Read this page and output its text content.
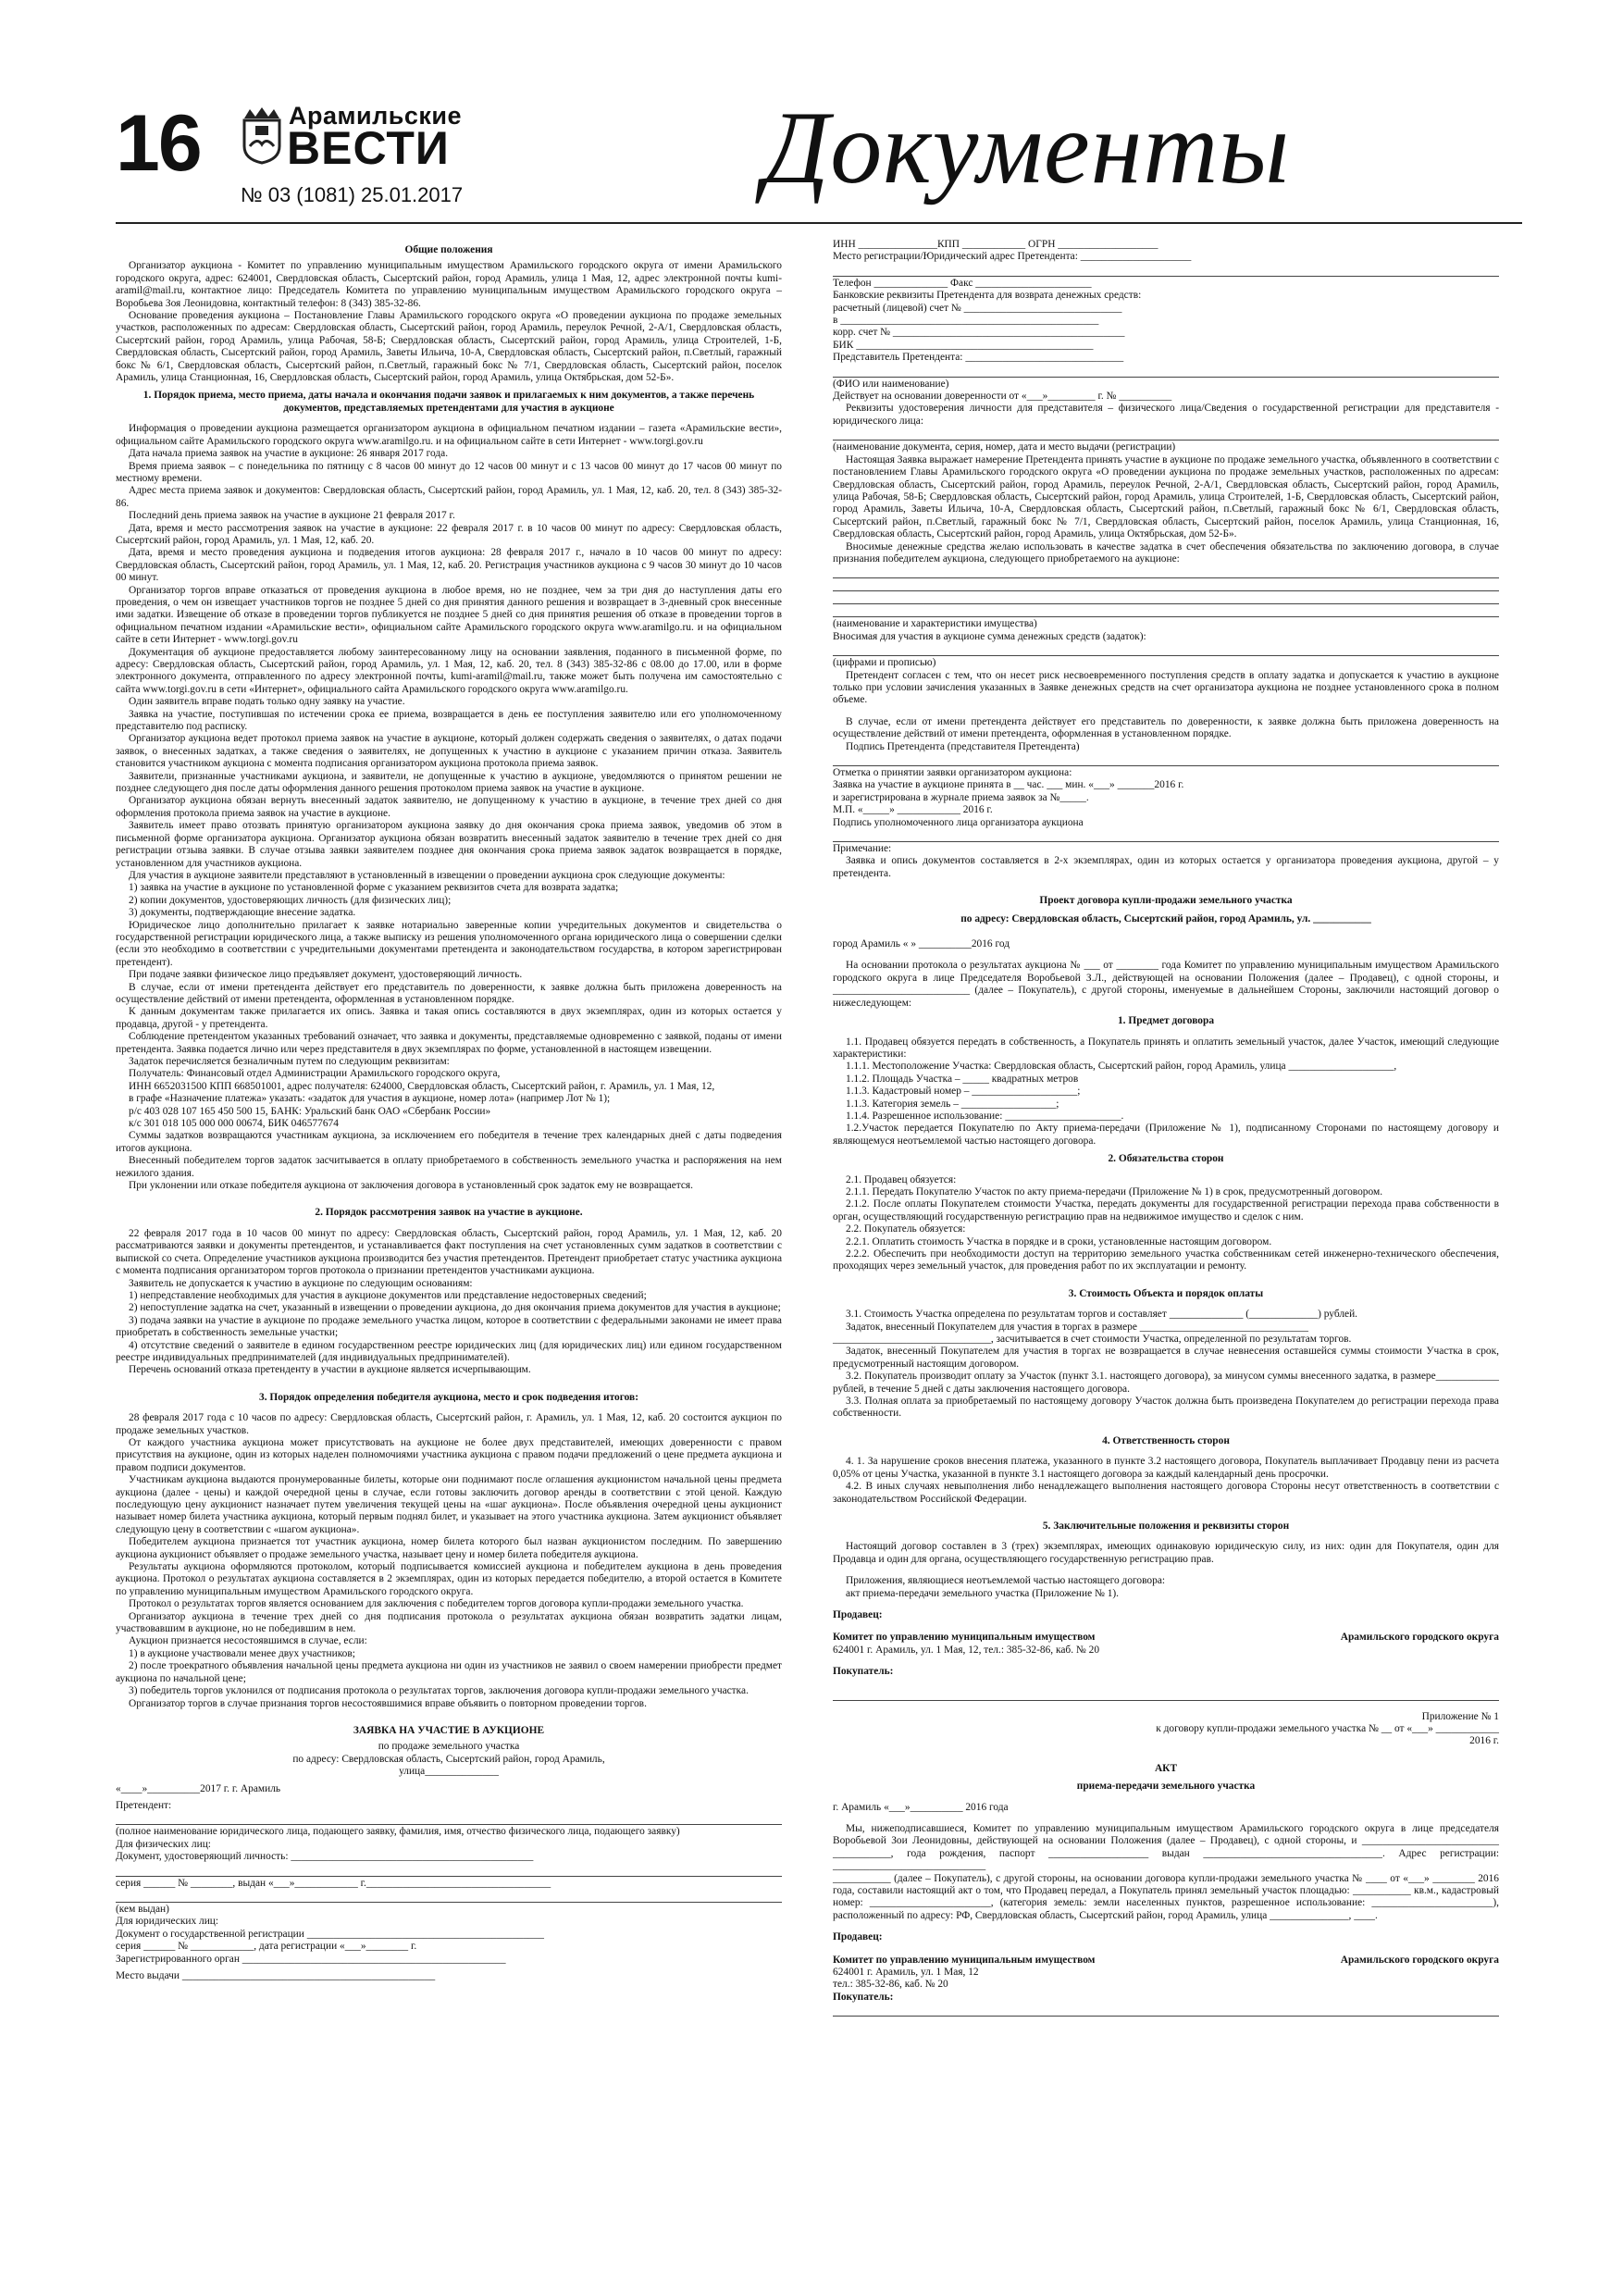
16	Арамильские
ВЕСТИ
№ 03 (1081) 25.01.2017	Документы

Общие положения

Организатор аукциона - Комитет по управлению муниципальным имуществом Арамильского городского округа от имени Арамильского городского округа, адрес: 624001, Свердловская область, Сысертский район, город Арамиль, улица 1 Мая, 12, адрес электронной почты kumi-aramil@mail.ru, контактное лицо: Председатель Комитета по управлению муниципальным имуществом Арамильского городского округа – Воробьева Зоя Леонидовна, контактный телефон: 8 (343) 385-32-86.

Основание проведения аукциона – Постановление Главы Арамильского городского округа «О проведении аукциона по продаже земельных участков, расположенных по адресам: Свердловская область, Сысертский район, город Арамиль, переулок Речной, 2-А/1, Свердловская область, Сысертский район, город Арамиль, улица Рабочая, 58-Б; Свердловская область, Сысертский район, город Арамиль, улица Строителей, 1-Б, Свердловская область, Сысертский район, город Арамиль, Заветы Ильича, 10-А, Свердловская область, Сысертский район, п.Светлый, гаражный бокс № 6/1, Свердловская область, Сысертский район, п.Светлый, гаражный бокс № 7/1, Свердловская область, Сысертский район, поселок Арамиль, улица Станционная, 16, Свердловская область, Сысертский район, город Арамиль, улица Октябрьская, дом 52-Б».

1. Порядок приема, место приема, даты начала и окончания подачи заявок и прилагаемых к ним документов, а также перечень документов, представляемых претендентами для участия в аукционе

Информация о проведении аукциона размещается организатором аукциона в официальном печатном издании – газета «Арамильские вести», официальном сайте Арамильского городского округа www.aramilgo.ru. и на официальном сайте в сети Интернет - www.torgi.gov.ru

Дата начала приема заявок на участие в аукционе: 26 января 2017 года.

Время приема заявок – с понедельника по пятницу с 8 часов 00 минут до 12 часов 00 минут и с 13 часов 00 минут до 17 часов 00 минут по местному времени.

Адрес места приема заявок и документов: Свердловская область, Сысертский район, город Арамиль, ул. 1 Мая, 12, каб. 20, тел. 8 (343) 385-32-86.

Последний день приема заявок на участие в аукционе 21 февраля 2017 г.

Дата, время и место рассмотрения заявок на участие в аукционе: 22 февраля 2017 г. в 10 часов 00 минут по адресу: Свердловская область, Сысертский район, город Арамиль, ул. 1 Мая, 12, каб. 20.

Дата, время и место проведения аукциона и подведения итогов аукциона: 28 февраля 2017 г., начало в 10 часов 00 минут по адресу: Свердловская область, Сысертский район, город Арамиль, ул. 1 Мая, 12, каб. 20. Регистрация участников аукциона с 9 часов 30 минут до 10 часов 00 минут.

Организатор торгов вправе отказаться от проведения аукциона в любое время, но не позднее, чем за три дня до наступления даты его проведения, о чем он извещает участников торгов не позднее 5 дней со дня принятия данного решения и возвращает в 3-дневный срок внесенные ими задатки. Извещение об отказе в проведении торгов публикуется не позднее 5 дней со дня принятия решения об отказе в проведении торгов в официальном печатном издании «Арамильские вести», официальном сайте Арамильского городского округа www.aramilgo.ru. и на официальном сайте в сети Интернет - www.torgi.gov.ru

Документация об аукционе предоставляется любому заинтересованному лицу на основании заявления, поданного в письменной форме, по адресу: Свердловская область, Сысертский район, город Арамиль, ул. 1 Мая, 12, каб. 20, тел. 8 (343) 385-32-86 с 08.00 до 17.00, или в форме электронного документа, отправленного по адресу электронной почты, kumi-aramil@mail.ru, также может быть получена им самостоятельно с сайта www.torgi.gov.ru в сети «Интернет», официального сайта Арамильского городского округа www.aramilgo.ru.

Один заявитель вправе подать только одну заявку на участие.

Заявка на участие, поступившая по истечении срока ее приема, возвращается в день ее поступления заявителю или его уполномоченному представителю под расписку.

Организатор аукциона ведет протокол приема заявок на участие в аукционе, который должен содержать сведения о заявителях, о датах подачи заявок, о внесенных задатках, а также сведения о заявителях, не допущенных к участию в аукционе с указанием причин отказа. Заявитель становится участником аукциона с момента подписания организатором аукциона протокола приема заявок.

Заявители, признанные участниками аукциона, и заявители, не допущенные к участию в аукционе, уведомляются о принятом решении не позднее следующего дня после даты оформления данного решения протоколом приема заявок на участие в аукционе.

Организатор аукциона обязан вернуть внесенный задаток заявителю, не допущенному к участию в аукционе, в течение трех дней со дня оформления протокола приема заявок на участие в аукционе.

Заявитель имеет право отозвать принятую организатором аукциона заявку до дня окончания срока приема заявок, уведомив об этом в письменной форме организатора аукциона. Организатор аукциона обязан возвратить внесенный задаток заявителю в течение трех дней со дня регистрации отзыва заявки. В случае отзыва заявки заявителем позднее дня окончания срока приема заявок задаток возвращается в порядке, установленном для участников аукциона.

Для участия в аукционе заявители представляют в установленный в извещении о проведении аукциона срок следующие документы:

1) заявка на участие в аукционе по установленной форме с указанием реквизитов счета для возврата задатка;

2) копии документов, удостоверяющих личность (для физических лиц);

3) документы, подтверждающие внесение задатка.

Юридическое лицо дополнительно прилагает к заявке нотариально заверенные копии учредительных документов и свидетельства о государственной регистрации юридического лица, а также выписку из решения уполномоченного органа юридического лица о совершении сделки (если это необходимо в соответствии с учредительными документами претендента и законодательством государства, в котором зарегистрирован претендент).

При подаче заявки физическое лицо предъявляет документ, удостоверяющий личность.

В случае, если от имени претендента действует его представитель по доверенности, к заявке должна быть приложена доверенность на осуществление действий от имени претендента, оформленная в установленном порядке.

К данным документам также прилагается их опись. Заявка и такая опись составляются в двух экземплярах, один из которых остается у продавца, другой - у претендента.

Соблюдение претендентом указанных требований означает, что заявка и документы, представляемые одновременно с заявкой, поданы от имени претендента. Заявка подается лично или через представителя в двух экземплярах по форме, установленной в настоящем извещении.

Задаток перечисляется безналичным путем по следующим реквизитам:

Получатель: Финансовый отдел Администрации Арамильского городского округа,

ИНН 6652031500 КПП 668501001, адрес получателя: 624000, Свердловская область, Сысертский район, г. Арамиль, ул. 1 Мая, 12,

в графе «Назначение платежа» указать: «задаток для участия в аукционе, номер лота» (например Лот № 1);

р/с 403 028 107 165 450 500 15, БАНК: Уральский банк ОАО «Сбербанк России»

к/с 301 018 105 000 000 00674, БИК 046577674

Суммы задатков возвращаются участникам аукциона, за исключением его победителя в течение трех календарных дней с даты подведения итогов аукциона.

Внесенный победителем торгов задаток засчитывается в оплату приобретаемого в собственность земельного участка и распоряжения на нем нежилого здания.

При уклонении или отказе победителя аукциона от заключения договора в установленный срок задаток ему не возвращается.

2. Порядок рассмотрения заявок на участие в аукционе.

22 февраля 2017 года в 10 часов 00 минут по адресу: Свердловская область, Сысертский район, город Арамиль, ул. 1 Мая, 12, каб. 20 рассматриваются заявки и документы претендентов, и устанавливается факт поступления на счет установленных сумм задатков в соответствии с выпиской со счета. Определение участников аукциона производится без участия претендентов. Претендент приобретает статус участника аукциона с момента подписания организатором торгов протокола о признании претендентов участниками аукциона.

Заявитель не допускается к участию в аукционе по следующим основаниям:

1) непредставление необходимых для участия в аукционе документов или представление недостоверных сведений;

2) непоступление задатка на счет, указанный в извещении о проведении аукциона, до дня окончания приема документов для участия в аукционе;

3) подача заявки на участие в аукционе по продаже земельного участка лицом, которое в соответствии с федеральными законами не имеет права приобретать в собственность земельные участки;

4) отсутствие сведений о заявителе в едином государственном реестре юридических лиц (для юридических лиц) или едином государственном реестре индивидуальных предпринимателей (для индивидуальных предпринимателей).

Перечень оснований отказа претенденту в участии в аукционе является исчерпывающим.

3. Порядок определения победителя аукциона, место и срок подведения итогов:

28 февраля 2017 года с 10 часов по адресу: Свердловская область, Сысертский район, г. Арамиль, ул. 1 Мая, 12, каб. 20 состоится аукцион по продаже земельных участков.

От каждого участника аукциона может присутствовать на аукционе не более двух представителей, имеющих доверенности с правом присутствия на аукционе, один из которых наделен полномочиями участника аукциона с правом подачи предложений о цене предмета аукциона и правом подписи документов.

Участникам аукциона выдаются пронумерованные билеты, которые они поднимают после оглашения аукционистом начальной цены предмета аукциона (далее - цены) и каждой очередной цены в случае, если готовы заключить договор аренды в соответствии с этой ценой. Каждую последующую цену аукционист назначает путем увеличения текущей цены на «шаг аукциона». После объявления очередной цены аукционист называет номер билета участника аукциона, который первым поднял билет, и указывает на этого участника аукциона. Затем аукционист объявляет следующую цену в соответствии с «шагом аукциона».

Победителем аукциона признается тот участник аукциона, номер билета которого был назван аукционистом последним. По завершению аукциона аукционист объявляет о продаже земельного участка, называет цену и номер билета победителя аукциона.

Результаты аукциона оформляются протоколом, который подписывается комиссией аукциона и победителем аукциона в день проведения аукциона. Протокол о результатах аукциона составляется в 2 экземплярах, один из которых передается победителю, а второй остается в Комитете по управлению муниципальным имуществом Арамильского городского округа.

Протокол о результатах торгов является основанием для заключения с победителем торгов договора купли-продажи земельного участка.

Организатор аукциона в течение трех дней со дня подписания протокола о результатах аукциона обязан возвратить задатки лицам, участвовавшим в аукционе, но не победившим в нем.

Аукцион признается несостоявшимся в случае, если:

1) в аукционе участвовали менее двух участников;

2) после троекратного объявления начальной цены предмета аукциона ни один из участников не заявил о своем намерении приобрести предмет аукциона по начальной цене;

3) победитель торгов уклонился от подписания протокола о результатах торгов, заключения договора купли-продажи земельного участка.

Организатор торгов в случае признания торгов несостоявшимися вправе объявить о повторном проведении торгов.

ЗАЯВКА НА УЧАСТИЕ В АУКЦИОНЕ

по продаже земельного участка

по адресу: Свердловская область, Сысертский район, город Арамиль,

улица______________

«____»__________2017 г. г. Арамиль

Претендент:

(полное наименование юридического лица, подающего заявку, фамилия, имя, отчество физического лица, подающего заявку)

Для физических лиц:

Документ, удостоверяющий личность: ______________________________________________

серия ______ № ________, выдан «___»____________ г.___________________________________

(кем выдан)

Для юридических лиц:

Документ о государственной регистрации _____________________________________________

серия ______ № ____________, дата регистрации «___»________ г.

Зарегистрированного орган __________________________________________________

Место выдачи ________________________________________________

ИНН _______________КПП ____________ ОГРН ___________________

Место регистрации/Юридический адрес Претендента: _____________________

Телефон ______________ Факс ______________________

Банковские реквизиты Претендента для возврата денежных средств:

расчетный (лицевой) счет № ______________________________

в _________________________________________________

корр. счет № ____________________________________________

БИК _____________________________________________

Представитель Претендента: ______________________________

(ФИО или наименование)

Действует на основании доверенности от «___»_________ г. № __________

Реквизиты удостоверения личности для представителя – физического лица/Сведения о государственной регистрации для представителя - юридического лица:

(наименование документа, серия, номер, дата и место выдачи (регистрации)

Настоящая Заявка выражает намерение Претендента принять участие в аукционе по продаже земельного участка, объявленного в соответствии с постановлением Главы Арамильского городского округа «О проведении аукциона по продаже земельных участков, расположенных по адресам: Свердловская область, Сысертский район, город Арамиль, переулок Речной, 2-А/1, Свердловская область, Сысертский район, город Арамиль, улица Рабочая, 58-Б; Свердловская область, Сысертский район, город Арамиль, улица Строителей, 1-Б, Свердловская область, Сысертский район, город Арамиль, Заветы Ильича, 10-А, Свердловская область, Сысертский район, п.Светлый, гаражный бокс № 6/1, Свердловская область, Сысертский район, п.Светлый, гаражный бокс № 7/1, Свердловская область, Сысертский район, поселок Арамиль, улица Станционная, 16, Свердловская область, Сысертский район, город Арамиль, улица Октябрьская, дом 52-Б».

Вносимые денежные средства желаю использовать в качестве задатка в счет обеспечения обязательства по заключению договора, в случае признания победителем аукциона, следующего приобретаемого на аукционе:

(наименование и характеристики имущества)

Вносимая для участия в аукционе сумма денежных средств (задаток):

(цифрами и прописью)

Претендент согласен с тем, что он несет риск несвоевременного поступления средств в оплату задатка и допускается к участию в аукционе только при условии зачисления указанных в Заявке денежных средств на счет организатора аукциона не позднее установленного срока в полном объеме.

В случае, если от имени претендента действует его представитель по доверенности, к заявке должна быть приложена доверенность на осуществление действий от имени претендента, оформленная в установленном порядке.

Подпись Претендента (представителя Претендента)

Отметка о принятии заявки организатором аукциона:

Заявка на участие в аукционе принята в __ час. ___ мин. «___» _______2016 г.

и зарегистрирована в журнале приема заявок за №_____.

М.П. «_____» ____________ 2016 г.

Подпись уполномоченного лица организатора аукциона

Примечание:

Заявка и опись документов составляется в 2-х экземплярах, один из которых остается у организатора проведения аукциона, другой – у претендента.

Проект договора купли-продажи земельного участка

по адресу: Свердловская область, Сысертский район, город Арамиль, ул. ___________

город Арамиль « » __________2016 год

На основании протокола о результатах аукциона № ___ от ________ года Комитет по управлению муниципальным имуществом Арамильского городского округа в лице Председателя Воробьевой З.Л., действующей на основании Положения (далее – Продавец), с одной стороны, и __________________________ (далее – Покупатель), с другой стороны, именуемые в дальнейшем Стороны, заключили настоящий договор о нижеследующем:

1. Предмет договора

1.1. Продавец обязуется передать в собственность, а Покупатель принять и оплатить земельный участок, далее Участок, имеющий следующие характеристики:

1.1.1. Местоположение Участка: Свердловская область, Сысертский район, город Арамиль, улица ____________________,

1.1.2. Площадь Участка – _____ квадратных метров

1.1.3. Кадастровый номер – ____________________;

1.1.3. Категория земель – __________________;

1.1.4. Разрешенное использование: ______________________.

1.2.Участок передается Покупателю по Акту приема-передачи (Приложение № 1), подписанному Сторонами по настоящему договору и являющемуся неотъемлемой частью настоящего договора.

2. Обязательства сторон

2.1. Продавец обязуется:

2.1.1. Передать Покупателю Участок по акту приема-передачи (Приложение № 1) в срок, предусмотренный договором.

2.1.2. После оплаты Покупателем стоимости Участка, передать документы для государственной регистрации перехода права собственности в орган, осуществляющий государственную регистрацию прав на недвижимое имущество и сделок с ним.

2.2. Покупатель обязуется:

2.2.1. Оплатить стоимость Участка в порядке и в сроки, установленные настоящим договором.

2.2.2. Обеспечить при необходимости доступ на территорию земельного участка собственникам сетей инженерно-технического обеспечения, проходящих через земельный участок, для проведения работ по их эксплуатации и ремонту.

3. Стоимость Объекта и порядок оплаты

3.1. Стоимость Участка определена по результатам торгов и составляет ______________ (_____________) рублей.

Задаток, внесенный Покупателем для участия в торгах в размере ________________________________

______________________________, засчитывается в счет стоимости Участка, определенной по результатам торгов.

Задаток, внесенный Покупателем для участия в торгах не возвращается в случае невнесения оставшейся суммы стоимости Участка в срок, предусмотренный настоящим договором.

3.2. Покупатель производит оплату за Участок (пункт 3.1. настоящего договора), за минусом суммы внесенного задатка, в размере____________ рублей, в течение 5 дней с даты заключения настоящего договора.

3.3. Полная оплата за приобретаемый по настоящему договору Участок должна быть произведена Покупателем до регистрации перехода права собственности.

4. Ответственность сторон

4. 1. За нарушение сроков внесения платежа, указанного в пункте 3.2 настоящего договора, Покупатель выплачивает Продавцу пени из расчета 0,05% от цены Участка, указанной в пункте 3.1 настоящего договора за каждый календарный день просрочки.

4.2. В иных случаях невыполнения либо ненадлежащего выполнения настоящего договора Стороны несут ответственность в соответствии с законодательством Российской Федерации.

5. Заключительные положения и реквизиты сторон

Настоящий договор составлен в 3 (трех) экземплярах, имеющих одинаковую юридическую силу, из них: один для Покупателя, один для Продавца и один для органа, осуществляющего государственную регистрацию прав.

Приложения, являющиеся неотъемлемой частью настоящего договора:

акт приема-передачи земельного участка (Приложение № 1).

Продавец:

Комитет по управлению муниципальным имуществом	Арамильского городского округа

624001 г. Арамиль, ул. 1 Мая, 12, тел.: 385-32-86, каб. № 20

Покупатель:

Приложение № 1

к договору купли-продажи земельного участка № __ от «___» ____________

2016 г.

АКТ

приема-передачи земельного участка

г. Арамиль «___»__________ 2016 года

Мы, нижеподписавшиеся, Комитет по управлению муниципальным имуществом Арамильского городского округа в лице председателя Воробьевой Зои Леонидовны, действующей на основании Положения (далее – Продавец), с одной стороны, и __________________________ ___________, года рождения, паспорт ___________________ выдан __________________________________. Адрес регистрации: _____________________________

___________ (далее – Покупатель), с другой стороны, на основании договора купли-продажи земельного участка № ____ от «___» ________ 2016 года, составили настоящий акт о том, что Продавец передал, а Покупатель принял земельный участок площадью: ___________ кв.м., кадастровый номер: _______________________, (категория земель: земли населенных пунктов, разрешенное использование: _______________________), расположенный по адресу: РФ, Свердловская область, Сысертский район, город Арамиль, улица _______________, ____.

Продавец:

Комитет по управлению муниципальным имуществом	Арамильского городского округа

624001 г. Арамиль, ул. 1 Мая, 12

тел.: 385-32-86, каб. № 20

Покупатель:
